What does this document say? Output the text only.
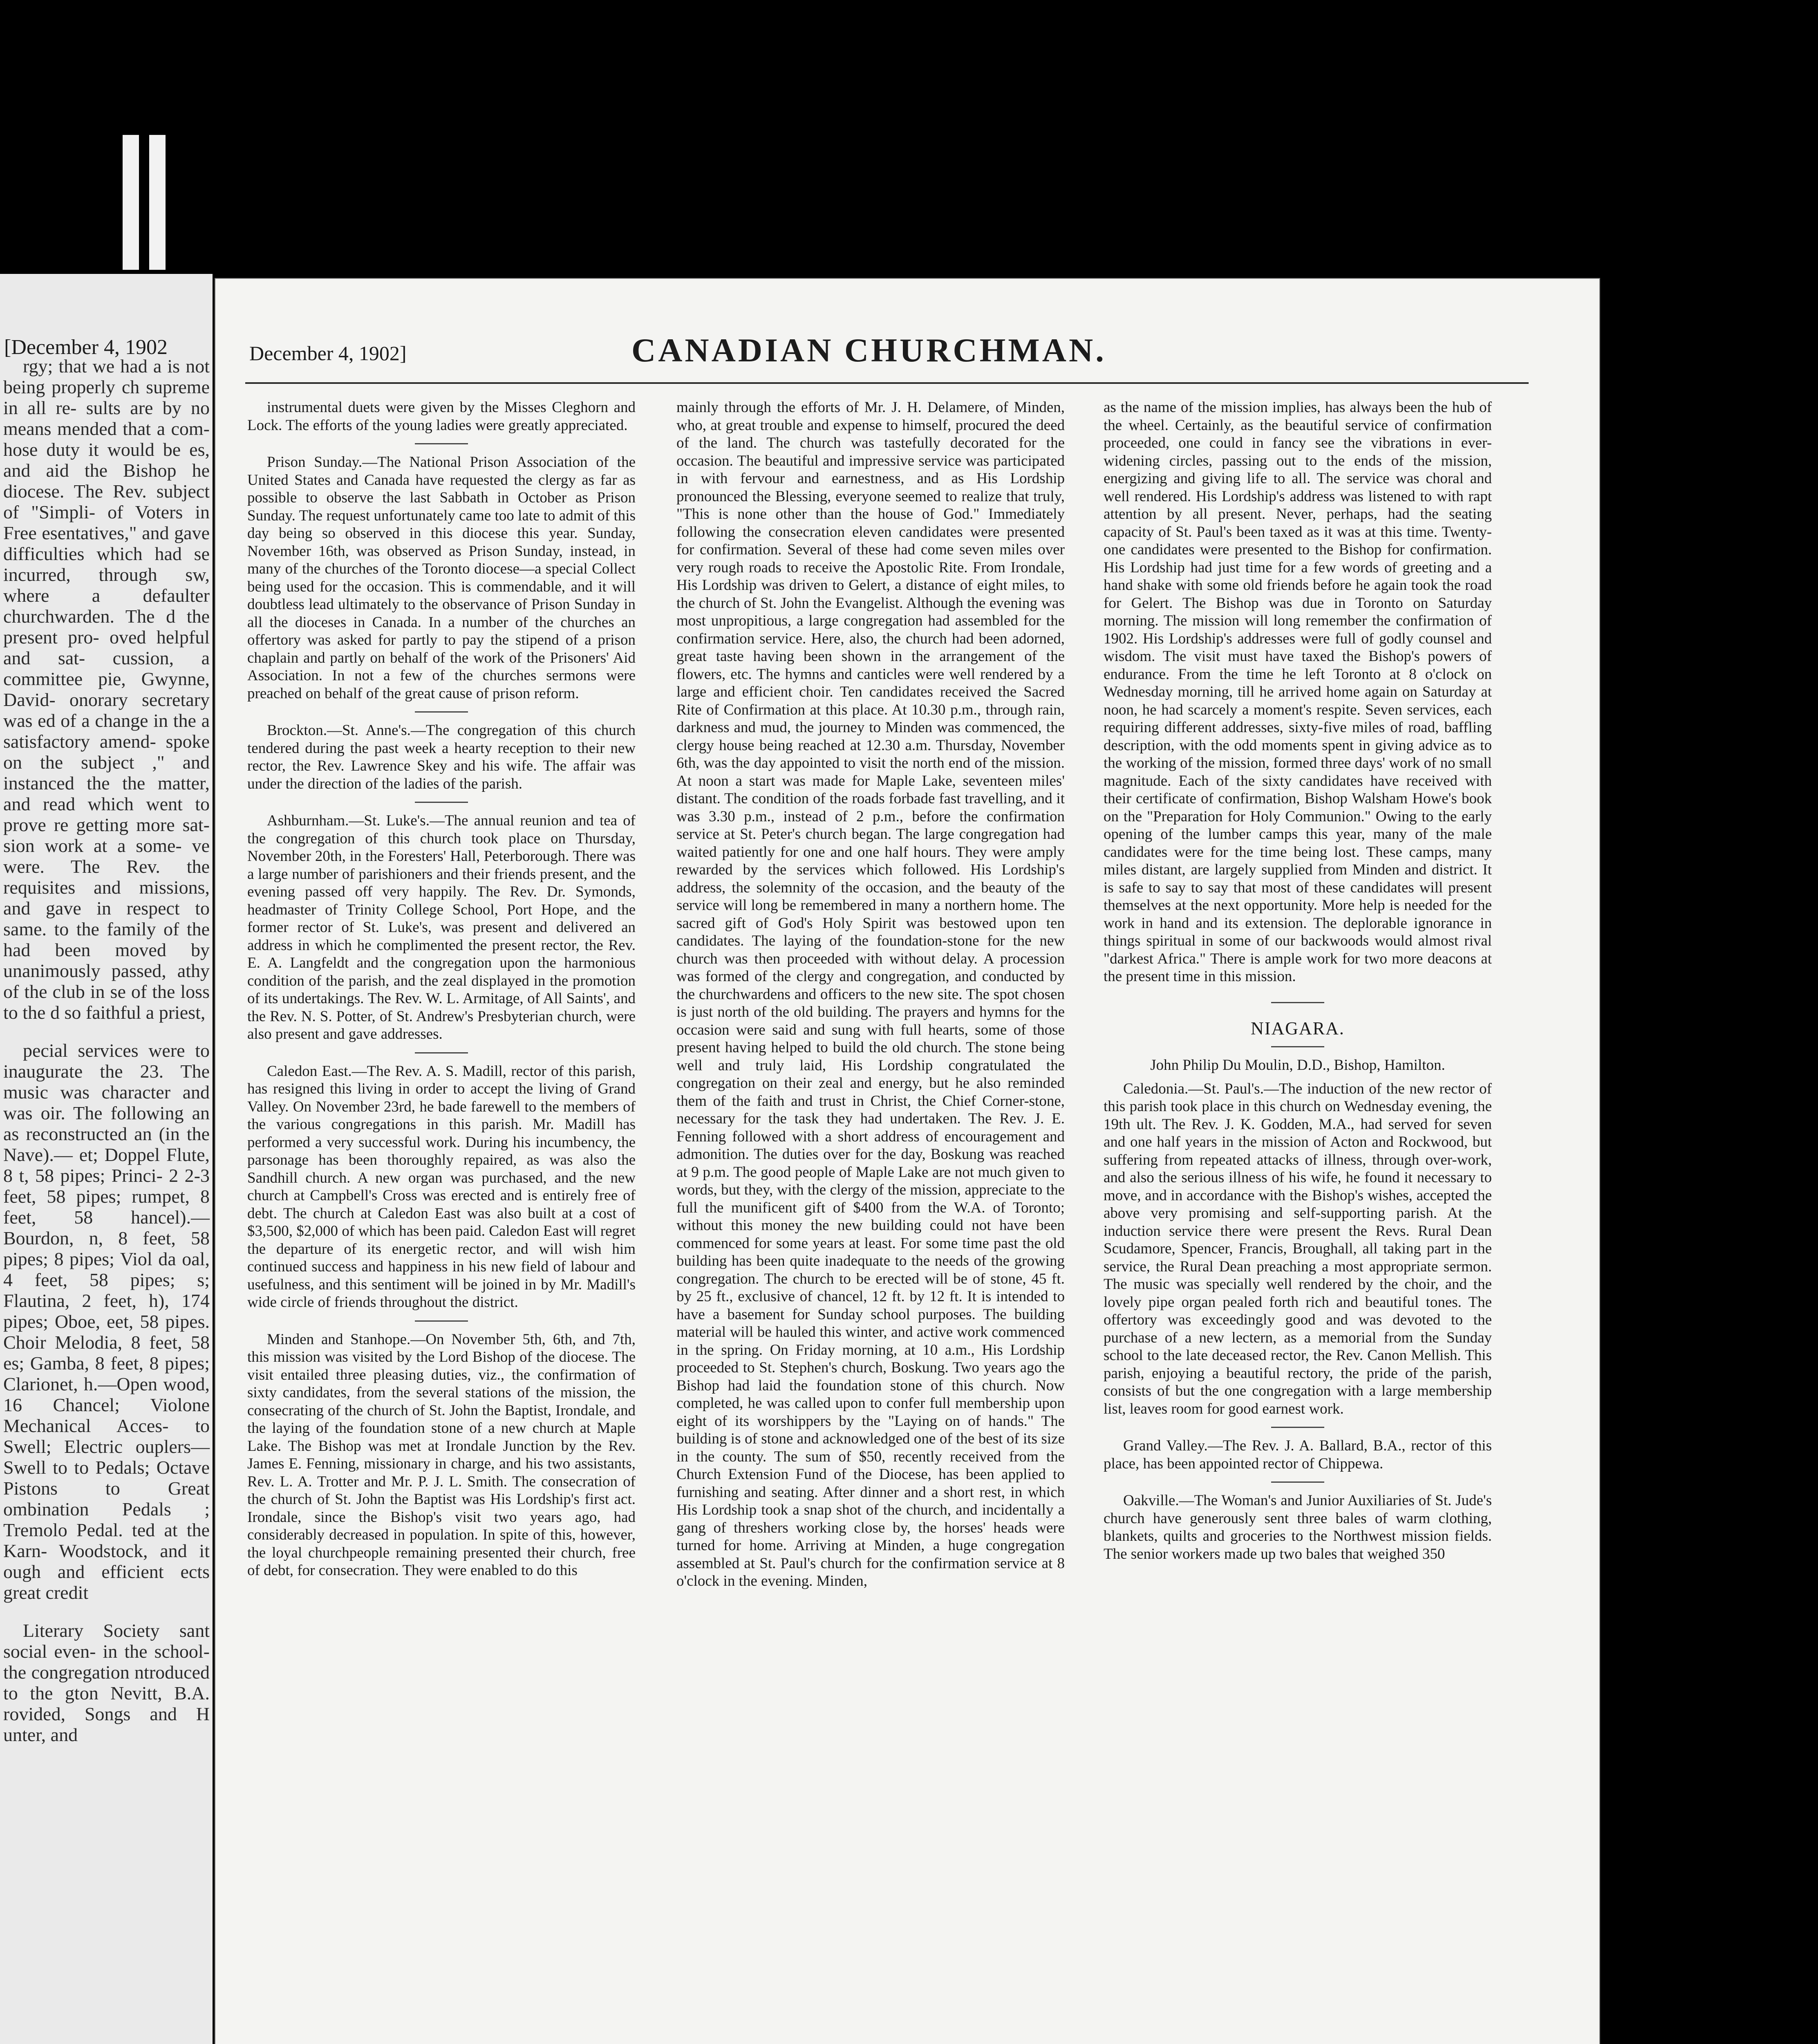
[December 4, 1902

rgy; that we had a is not being properly ch supreme in all re- sults are by no means mended that a com- hose duty it would be es, and aid the Bishop he diocese. The Rev. subject of "Simpli- of Voters in Free esentatives," and gave difficulties which had se incurred, through sw, where a defaulter churchwarden. The d the present pro- oved helpful and sat- cussion, a committee pie, Gwynne, David- onorary secretary was ed of a change in the a satisfactory amend- spoke on the subject ," and instanced the the matter, and read which went to prove re getting more sat- sion work at a some- ve were. The Rev. the requisites and missions, and gave in respect to same. to the family of the had been moved by unanimously passed, athy of the club in se of the loss to the d so faithful a priest,

pecial services were to inaugurate the 23. The music was character and was oir. The following an as reconstructed an (in the Nave).— et; Doppel Flute, 8 t, 58 pipes; Princi- 2 2-3 feet, 58 pipes; rumpet, 8 feet, 58 hancel).—Bourdon, n, 8 feet, 58 pipes; 8 pipes; Viol da oal, 4 feet, 58 pipes; s; Flautina, 2 feet, h), 174 pipes; Oboe, eet, 58 pipes. Choir Melodia, 8 feet, 58 es; Gamba, 8 feet, 8 pipes; Clarionet, h.—Open wood, 16 Chancel; Violone Mechanical Acces- to Swell; Electric ouplers—Swell to to Pedals; Octave Pistons to Great ombination Pedals ; Tremolo Pedal. ted at the Karn- Woodstock, and it ough and efficient ects great credit

Literary Society sant social even- in the school- the congregation ntroduced to the gton Nevitt, B.A. rovided, Songs and H unter, and

December 4, 1902]	CANADIAN CHURCHMAN.

instrumental duets were given by the Misses Cleghorn and Lock. The efforts of the young ladies were greatly appreciated.

Prison Sunday.—The National Prison Association of the United States and Canada have requested the clergy as far as possible to observe the last Sabbath in October as Prison Sunday. The request unfortunately came too late to admit of this day being so observed in this diocese this year. Sunday, November 16th, was observed as Prison Sunday, instead, in many of the churches of the Toronto diocese—a special Collect being used for the occasion. This is commendable, and it will doubtless lead ultimately to the observance of Prison Sunday in all the dioceses in Canada. In a number of the churches an offertory was asked for partly to pay the stipend of a prison chaplain and partly on behalf of the work of the Prisoners' Aid Association. In not a few of the churches sermons were preached on behalf of the great cause of prison reform.

Brockton.—St. Anne's.—The congregation of this church tendered during the past week a hearty reception to their new rector, the Rev. Lawrence Skey and his wife. The affair was under the direction of the ladies of the parish.

Ashburnham.—St. Luke's.—The annual reunion and tea of the congregation of this church took place on Thursday, November 20th, in the Foresters' Hall, Peterborough. There was a large number of parishioners and their friends present, and the evening passed off very happily. The Rev. Dr. Symonds, headmaster of Trinity College School, Port Hope, and the former rector of St. Luke's, was present and delivered an address in which he complimented the present rector, the Rev. E. A. Langfeldt and the congregation upon the harmonious condition of the parish, and the zeal displayed in the promotion of its undertakings. The Rev. W. L. Armitage, of All Saints', and the Rev. N. S. Potter, of St. Andrew's Presbyterian church, were also present and gave addresses.

Caledon East.—The Rev. A. S. Madill, rector of this parish, has resigned this living in order to accept the living of Grand Valley. On November 23rd, he bade farewell to the members of the various congregations in this parish. Mr. Madill has performed a very successful work. During his incumbency, the parsonage has been thoroughly repaired, as was also the Sandhill church. A new organ was purchased, and the new church at Campbell's Cross was erected and is entirely free of debt. The church at Caledon East was also built at a cost of $3,500, $2,000 of which has been paid. Caledon East will regret the departure of its energetic rector, and will wish him continued success and happiness in his new field of labour and usefulness, and this sentiment will be joined in by Mr. Madill's wide circle of friends throughout the district.

Minden and Stanhope.—On November 5th, 6th, and 7th, this mission was visited by the Lord Bishop of the diocese. The visit entailed three pleasing duties, viz., the confirmation of sixty candidates, from the several stations of the mission, the consecrating of the church of St. John the Baptist, Irondale, and the laying of the foundation stone of a new church at Maple Lake. The Bishop was met at Irondale Junction by the Rev. James E. Fenning, missionary in charge, and his two assistants, Rev. L. A. Trotter and Mr. P. J. L. Smith. The consecration of the church of St. John the Baptist was His Lordship's first act. Irondale, since the Bishop's visit two years ago, had considerably decreased in population. In spite of this, however, the loyal churchpeople remaining presented their church, free of debt, for consecration. They were enabled to do this

mainly through the efforts of Mr. J. H. Delamere, of Minden, who, at great trouble and expense to himself, procured the deed of the land. The church was tastefully decorated for the occasion. The beautiful and impressive service was participated in with fervour and earnestness, and as His Lordship pronounced the Blessing, everyone seemed to realize that truly, "This is none other than the house of God." Immediately following the consecration eleven candidates were presented for confirmation. Several of these had come seven miles over very rough roads to receive the Apostolic Rite. From Irondale, His Lordship was driven to Gelert, a distance of eight miles, to the church of St. John the Evangelist. Although the evening was most unpropitious, a large congregation had assembled for the confirmation service. Here, also, the church had been adorned, great taste having been shown in the arrangement of the flowers, etc. The hymns and canticles were well rendered by a large and efficient choir. Ten candidates received the Sacred Rite of Confirmation at this place. At 10.30 p.m., through rain, darkness and mud, the journey to Minden was commenced, the clergy house being reached at 12.30 a.m. Thursday, November 6th, was the day appointed to visit the north end of the mission. At noon a start was made for Maple Lake, seventeen miles' distant. The condition of the roads forbade fast travelling, and it was 3.30 p.m., instead of 2 p.m., before the confirmation service at St. Peter's church began. The large congregation had waited patiently for one and one half hours. They were amply rewarded by the services which followed. His Lordship's address, the solemnity of the occasion, and the beauty of the service will long be remembered in many a northern home. The sacred gift of God's Holy Spirit was bestowed upon ten candidates. The laying of the foundation-stone for the new church was then proceeded with without delay. A procession was formed of the clergy and congregation, and conducted by the churchwardens and officers to the new site. The spot chosen is just north of the old building. The prayers and hymns for the occasion were said and sung with full hearts, some of those present having helped to build the old church. The stone being well and truly laid, His Lordship congratulated the congregation on their zeal and energy, but he also reminded them of the faith and trust in Christ, the Chief Corner-stone, necessary for the task they had undertaken. The Rev. J. E. Fenning followed with a short address of encouragement and admonition. The duties over for the day, Boskung was reached at 9 p.m. The good people of Maple Lake are not much given to words, but they, with the clergy of the mission, appreciate to the full the munificent gift of $400 from the W.A. of Toronto; without this money the new building could not have been commenced for some years at least. For some time past the old building has been quite inadequate to the needs of the growing congregation. The church to be erected will be of stone, 45 ft. by 25 ft., exclusive of chancel, 12 ft. by 12 ft. It is intended to have a basement for Sunday school purposes. The building material will be hauled this winter, and active work commenced in the spring. On Friday morning, at 10 a.m., His Lordship proceeded to St. Stephen's church, Boskung. Two years ago the Bishop had laid the foundation stone of this church. Now completed, he was called upon to confer full membership upon eight of its worshippers by the "Laying on of hands." The building is of stone and acknowledged one of the best of its size in the county. The sum of $50, recently received from the Church Extension Fund of the Diocese, has been applied to furnishing and seating. After dinner and a short rest, in which His Lordship took a snap shot of the church, and incidentally a gang of threshers working close by, the horses' heads were turned for home. Arriving at Minden, a huge congregation assembled at St. Paul's church for the confirmation service at 8 o'clock in the evening. Minden,

as the name of the mission implies, has always been the hub of the wheel. Certainly, as the beautiful service of confirmation proceeded, one could in fancy see the vibrations in ever-widening circles, passing out to the ends of the mission, energizing and giving life to all. The service was choral and well rendered. His Lordship's address was listened to with rapt attention by all present. Never, perhaps, had the seating capacity of St. Paul's been taxed as it was at this time. Twenty-one candidates were presented to the Bishop for confirmation. His Lordship had just time for a few words of greeting and a hand shake with some old friends before he again took the road for Gelert. The Bishop was due in Toronto on Saturday morning. The mission will long remember the confirmation of 1902. His Lordship's addresses were full of godly counsel and wisdom. The visit must have taxed the Bishop's powers of endurance. From the time he left Toronto at 8 o'clock on Wednesday morning, till he arrived home again on Saturday at noon, he had scarcely a moment's respite. Seven services, each requiring different addresses, sixty-five miles of road, baffling description, with the odd moments spent in giving advice as to the working of the mission, formed three days' work of no small magnitude. Each of the sixty candidates have received with their certificate of confirmation, Bishop Walsham Howe's book on the "Preparation for Holy Communion." Owing to the early opening of the lumber camps this year, many of the male candidates were for the time being lost. These camps, many miles distant, are largely supplied from Minden and district. It is safe to say to say that most of these candidates will present themselves at the next opportunity. More help is needed for the work in hand and its extension. The deplorable ignorance in things spiritual in some of our backwoods would almost rival "darkest Africa." There is ample work for two more deacons at the present time in this mission.

NIAGARA.

John Philip Du Moulin, D.D., Bishop, Hamilton.

Caledonia.—St. Paul's.—The induction of the new rector of this parish took place in this church on Wednesday evening, the 19th ult. The Rev. J. K. Godden, M.A., had served for seven and one half years in the mission of Acton and Rockwood, but suffering from repeated attacks of illness, through over-work, and also the serious illness of his wife, he found it necessary to move, and in accordance with the Bishop's wishes, accepted the above very promising and self-supporting parish. At the induction service there were present the Revs. Rural Dean Scudamore, Spencer, Francis, Broughall, all taking part in the service, the Rural Dean preaching a most appropriate sermon. The music was specially well rendered by the choir, and the lovely pipe organ pealed forth rich and beautiful tones. The offertory was exceedingly good and was devoted to the purchase of a new lectern, as a memorial from the Sunday school to the late deceased rector, the Rev. Canon Mellish. This parish, enjoying a beautiful rectory, the pride of the parish, consists of but the one congregation with a large membership list, leaves room for good earnest work.

Grand Valley.—The Rev. J. A. Ballard, B.A., rector of this place, has been appointed rector of Chippewa.

Oakville.—The Woman's and Junior Auxiliaries of St. Jude's church have generously sent three bales of warm clothing, blankets, quilts and groceries to the Northwest mission fields. The senior workers made up two bales that weighed 350
